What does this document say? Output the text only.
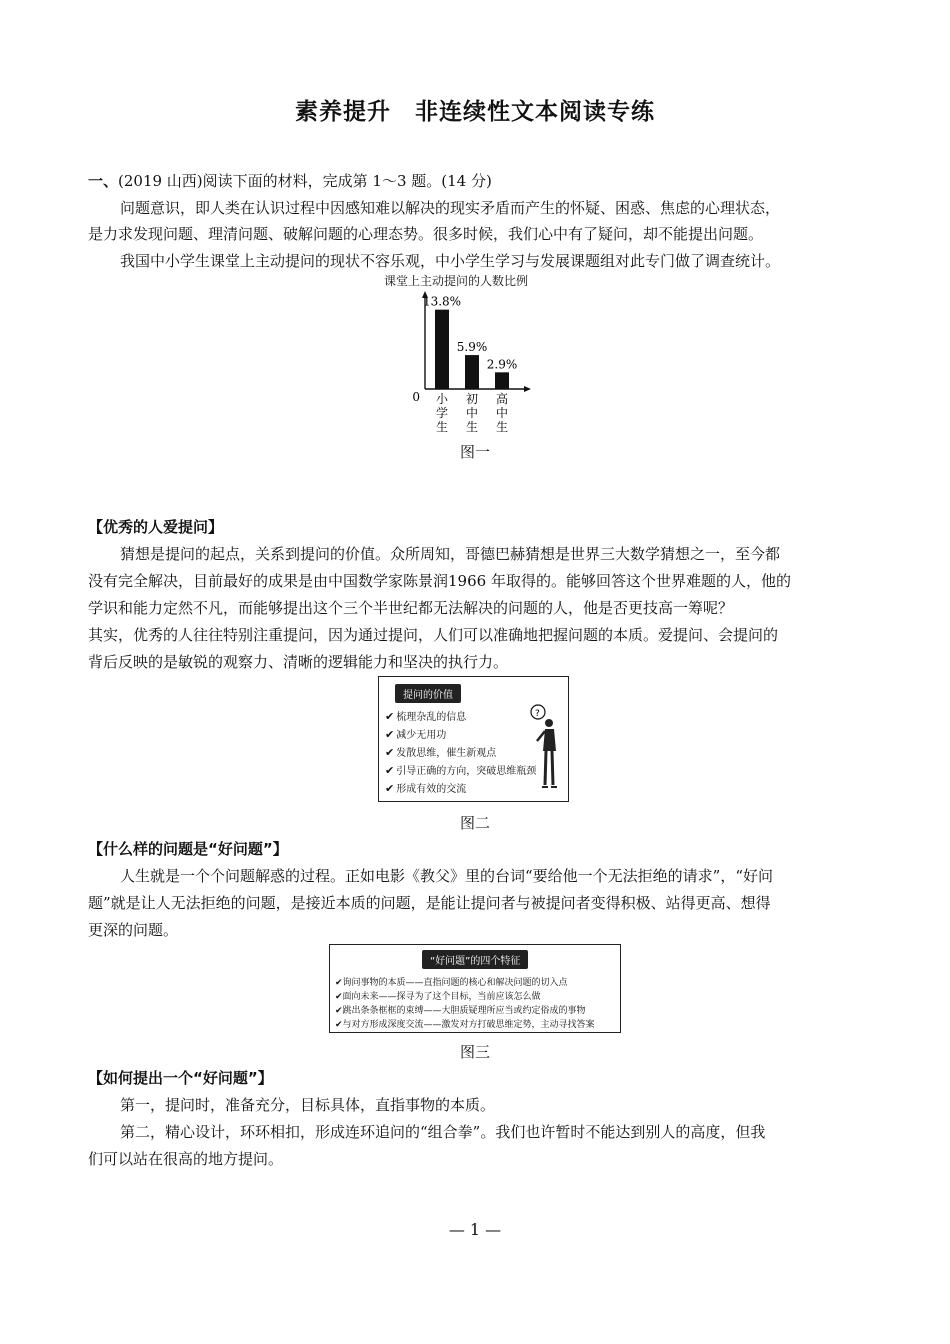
素养提升　非连续性文本阅读专练
一、(2019 山西)阅读下面的材料，完成第 1～3 题。(14 分)
问题意识，即人类在认识过程中因感知难以解决的现实矛盾而产生的怀疑、困惑、焦虑的心理状态，
是力求发现问题、理清问题、破解问题的心理态势。很多时候，我们心中有了疑问，却不能提出问题。
我国中小学生课堂上主动提问的现状不容乐观，中小学生学习与发展课题组对此专门做了调查统计。
课堂上主动提问的人数比例
0
13.8%
小
学
生
5.9%
初
中
生
2.9%
高
中
生
图一
【优秀的人爱提问】
猜想是提问的起点，关系到提问的价值。众所周知，哥德巴赫猜想是世界三大数学猜想之一，至今都
没有完全解决，目前最好的成果是由中国数学家陈景润1966 年取得的。能够回答这个世界难题的人，他的
学识和能力定然不凡，而能够提出这个三个半世纪都无法解决的问题的人，他是否更技高一筹呢？
其实，优秀的人往往特别注重提问，因为通过提问，人们可以准确地把握问题的本质。爱提问、会提问的
背后反映的是敏锐的观察力、清晰的逻辑能力和坚决的执行力。
提问的价值
✔ 梳理杂乱的信息
✔ 减少无用功
✔ 发散思维，催生新观点
✔ 引导正确的方向，突破思维瓶颈
✔ 形成有效的交流
?
图二
【什么样的问题是“好问题”】
人生就是一个个问题解惑的过程。正如电影《教父》里的台词“要给他一个无法拒绝的请求”，“好问
题”就是让人无法拒绝的问题，是接近本质的问题，是能让提问者与被提问者变得积极、站得更高、想得
更深的问题。
“好问题”的四个特征
✔询问事物的本质——直指问题的核心和解决问题的切入点
✔面向未来——探寻为了这个目标，当前应该怎么做
✔跳出条条框框的束缚——大胆质疑理所应当或约定俗成的事物
✔与对方形成深度交流——激发对方打破思维定势，主动寻找答案
图三
【如何提出一个“好问题”】
第一，提问时，准备充分，目标具体，直指事物的本质。
第二，精心设计，环环相扣，形成连环追问的“组合拳”。我们也许暂时不能达到别人的高度，但我
们可以站在很高的地方提问。
— 1 —
